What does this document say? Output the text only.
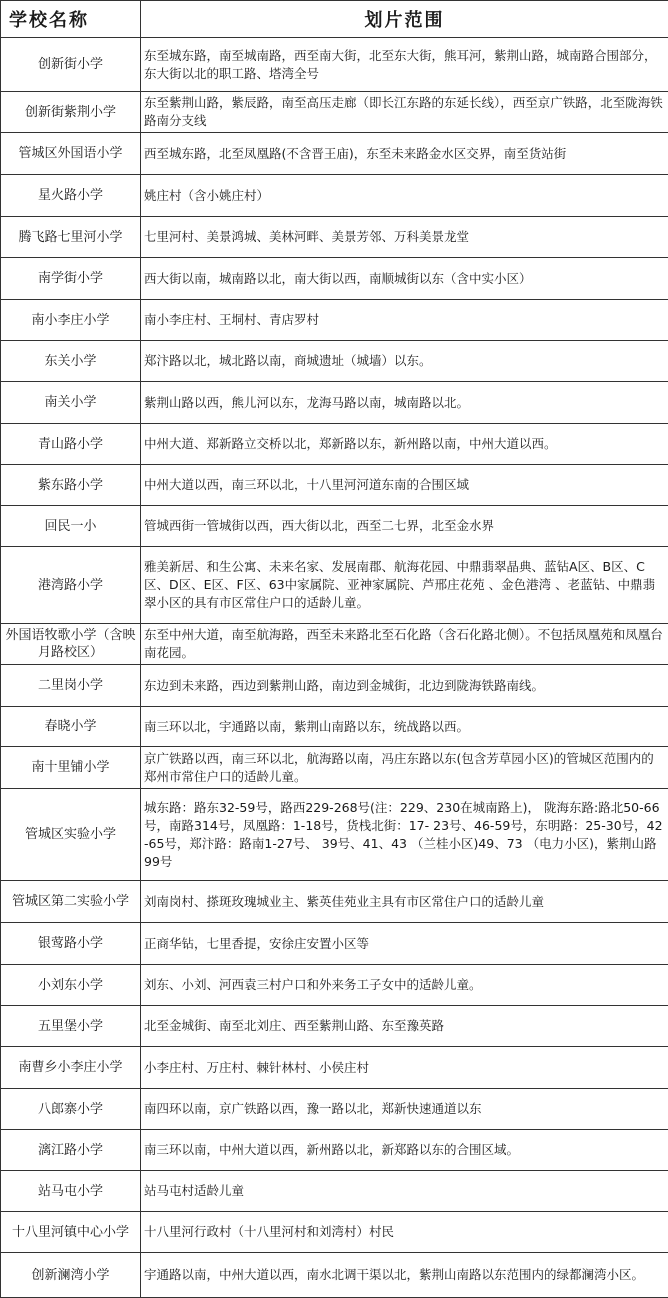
学校名称	划片范围
创新街小学	东至城东路，南至城南路，西至南大街，北至东大街，熊耳河，紫荆山路，城南路合围部分，东大街以北的职工路、塔湾全号
创新街紫荆小学	东至紫荆山路，紫辰路，南至高压走廊（即长江东路的东延长线），西至京广铁路，北至陇海铁路南分支线
管城区外国语小学	西至城东路，北至凤凰路(不含晋王庙)，东至未来路金水区交界，南至货站街
星火路小学	姚庄村（含小姚庄村）
腾飞路七里河小学	七里河村、美景鸿城、美林河畔、美景芳邻、万科美景龙堂
南学街小学	西大街以南，城南路以北，南大街以西，南顺城街以东（含中实小区）
南小李庄小学	南小李庄村、王垌村、青店罗村
东关小学	郑汴路以北，城北路以南，商城遗址（城墙）以东。
南关小学	紫荆山路以西，熊儿河以东，龙海马路以南，城南路以北。
青山路小学	中州大道、郑新路立交桥以北，郑新路以东，新州路以南，中州大道以西。
紫东路小学	中州大道以西，南三环以北，十八里河河道东南的合围区域
回民一小	管城西街一管城街以西，西大街以北，西至二七界，北至金水界
港湾路小学	雅美新居、和生公寓、未来名家、发展南郡、航海花园、中鼎翡翠晶典、蓝钻A区、B区、C区、D区、E区、F区、63中家属院、亚神家属院、芦邢庄花苑 、金色港湾 、老蓝钻、中鼎翡翠小区的具有市区常住户口的适龄儿童。
外国语牧歌小学（含映月路校区）	东至中州大道，南至航海路，西至未来路北至石化路（含石化路北侧）。不包括凤凰苑和凤凰台南花园。
二里岗小学	东边到未来路，西边到紫荆山路，南边到金城街，北边到陇海铁路南线。
春晓小学	南三环以北，宇通路以南，紫荆山南路以东，统战路以西。
南十里铺小学	京广铁路以西，南三环以北，航海路以南，冯庄东路以东(包含芳草园小区)的管城区范围内的郑州市常住户口的适龄儿童。
管城区实验小学	城东路：路东32-59号，路西229-268号(注：229、230在城南路上)， 陇海东路:路北50-66号，南路314号，凤凰路：1-18号，货栈北街：17- 23号、46-59号，东明路：25-30号，42-65号，郑汴路：路南1-27号、 39号、41、43 （兰桂小区)49、73 （电力小区)，紫荆山路99号
管城区第二实验小学	刘南岗村、搽斑玫瑰城业主、紫英佳苑业主具有市区常住户口的适龄儿童
银莺路小学	正商华钻，七里香提，安徐庄安置小区等
小刘东小学	刘东、小刘、河西袁三村户口和外来务工子女中的适龄儿童。
五里堡小学	北至金城街、南至北刘庄、西至紫荆山路、东至豫英路
南曹乡小李庄小学	小李庄村、万庄村、棘针林村、小侯庄村
八郎寨小学	南四环以南，京广铁路以西，豫一路以北，郑新快速通道以东
漓江路小学	南三环以南，中州大道以西，新州路以北，新郑路以东的合围区域。
站马屯小学	站马屯村适龄儿童
十八里河镇中心小学	十八里河行政村（十八里河村和刘湾村）村民
创新澜湾小学	宇通路以南，中州大道以西，南水北调干渠以北，紫荆山南路以东范围内的绿都澜湾小区。
